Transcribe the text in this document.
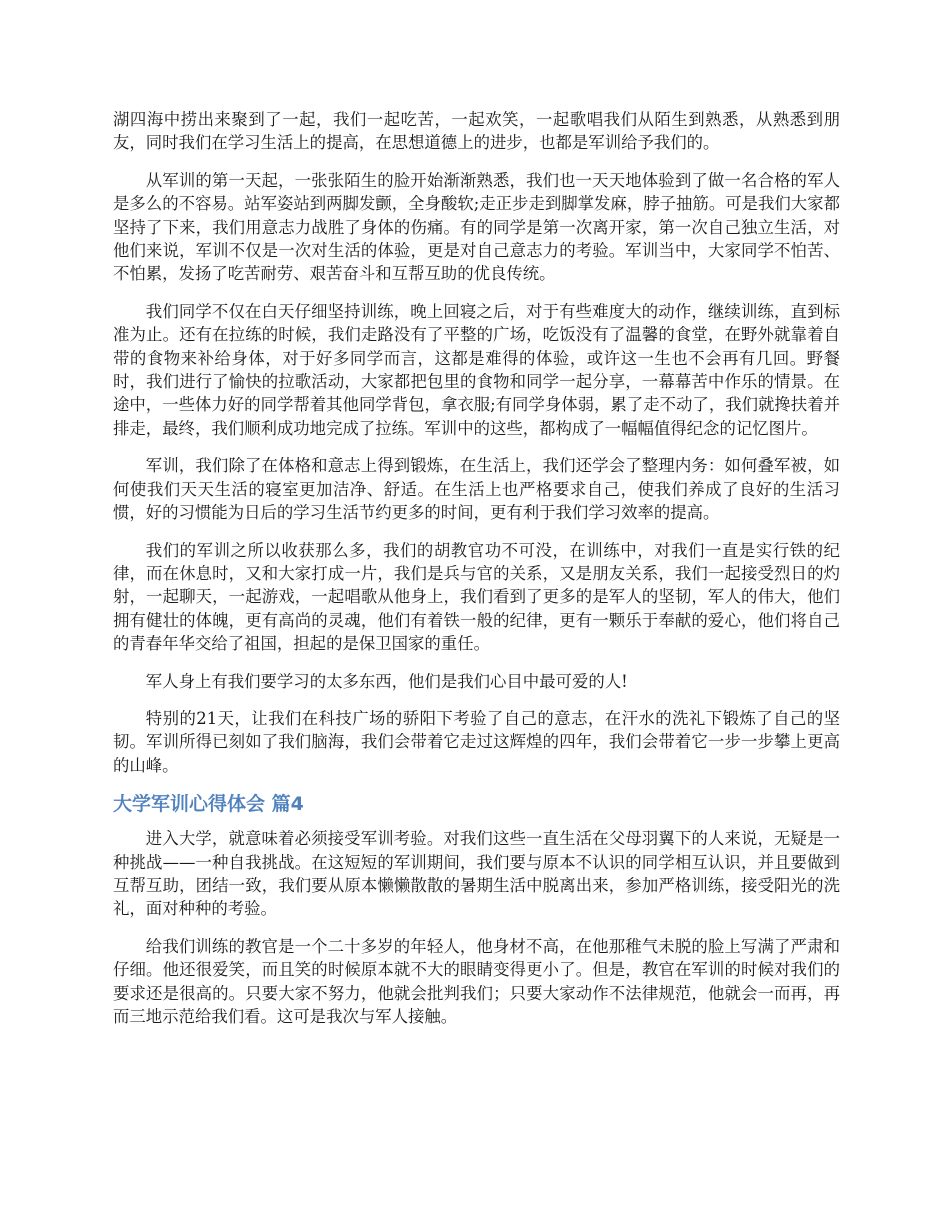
湖四海中捞出来聚到了一起，我们一起吃苦，一起欢笑，一起歌唱我们从陌生到熟悉，从熟悉到朋友，同时我们在学习生活上的提高，在思想道德上的进步，也都是军训给予我们的。

从军训的第一天起，一张张陌生的脸开始渐渐熟悉，我们也一天天地体验到了做一名合格的军人是多么的不容易。站军姿站到两脚发颤，全身酸软;走正步走到脚掌发麻，脖子抽筋。可是我们大家都坚持了下来，我们用意志力战胜了身体的伤痛。有的同学是第一次离开家，第一次自己独立生活，对他们来说，军训不仅是一次对生活的体验，更是对自己意志力的考验。军训当中，大家同学不怕苦、不怕累，发扬了吃苦耐劳、艰苦奋斗和互帮互助的优良传统。

我们同学不仅在白天仔细坚持训练，晚上回寝之后，对于有些难度大的动作，继续训练，直到标准为止。还有在拉练的时候，我们走路没有了平整的广场，吃饭没有了温馨的食堂，在野外就靠着自带的食物来补给身体，对于好多同学而言，这都是难得的体验，或许这一生也不会再有几回。野餐时，我们进行了愉快的拉歌活动，大家都把包里的食物和同学一起分享，一幕幕苦中作乐的情景。在途中，一些体力好的同学帮着其他同学背包，拿衣服;有同学身体弱，累了走不动了，我们就搀扶着并排走，最终，我们顺利成功地完成了拉练。军训中的这些，都构成了一幅幅值得纪念的记忆图片。

军训，我们除了在体格和意志上得到锻炼，在生活上，我们还学会了整理内务：如何叠军被，如何使我们天天生活的寝室更加洁净、舒适。在生活上也严格要求自己，使我们养成了良好的生活习惯，好的习惯能为日后的学习生活节约更多的时间，更有利于我们学习效率的提高。

我们的军训之所以收获那么多，我们的胡教官功不可没，在训练中，对我们一直是实行铁的纪律，而在休息时，又和大家打成一片，我们是兵与官的关系，又是朋友关系，我们一起接受烈日的灼射，一起聊天，一起游戏，一起唱歌从他身上，我们看到了更多的是军人的坚韧，军人的伟大，他们拥有健壮的体魄，更有高尚的灵魂，他们有着铁一般的纪律，更有一颗乐于奉献的爱心，他们将自己的青春年华交给了祖国，担起的是保卫国家的重任。

军人身上有我们要学习的太多东西，他们是我们心目中最可爱的人!

特别的21天，让我们在科技广场的骄阳下考验了自己的意志，在汗水的洗礼下锻炼了自己的坚韧。军训所得已刻如了我们脑海，我们会带着它走过这辉煌的四年，我们会带着它一步一步攀上更高的山峰。

大学军训心得体会 篇4

进入大学，就意味着必须接受军训考验。对我们这些一直生活在父母羽翼下的人来说，无疑是一种挑战——一种自我挑战。在这短短的军训期间，我们要与原本不认识的同学相互认识，并且要做到互帮互助，团结一致，我们要从原本懒懒散散的暑期生活中脱离出来，参加严格训练，接受阳光的洗礼，面对种种的考验。

给我们训练的教官是一个二十多岁的年轻人，他身材不高，在他那稚气未脱的脸上写满了严肃和仔细。他还很爱笑，而且笑的时候原本就不大的眼睛变得更小了。但是，教官在军训的时候对我们的要求还是很高的。只要大家不努力，他就会批判我们；只要大家动作不法律规范，他就会一而再，再而三地示范给我们看。这可是我次与军人接触。
